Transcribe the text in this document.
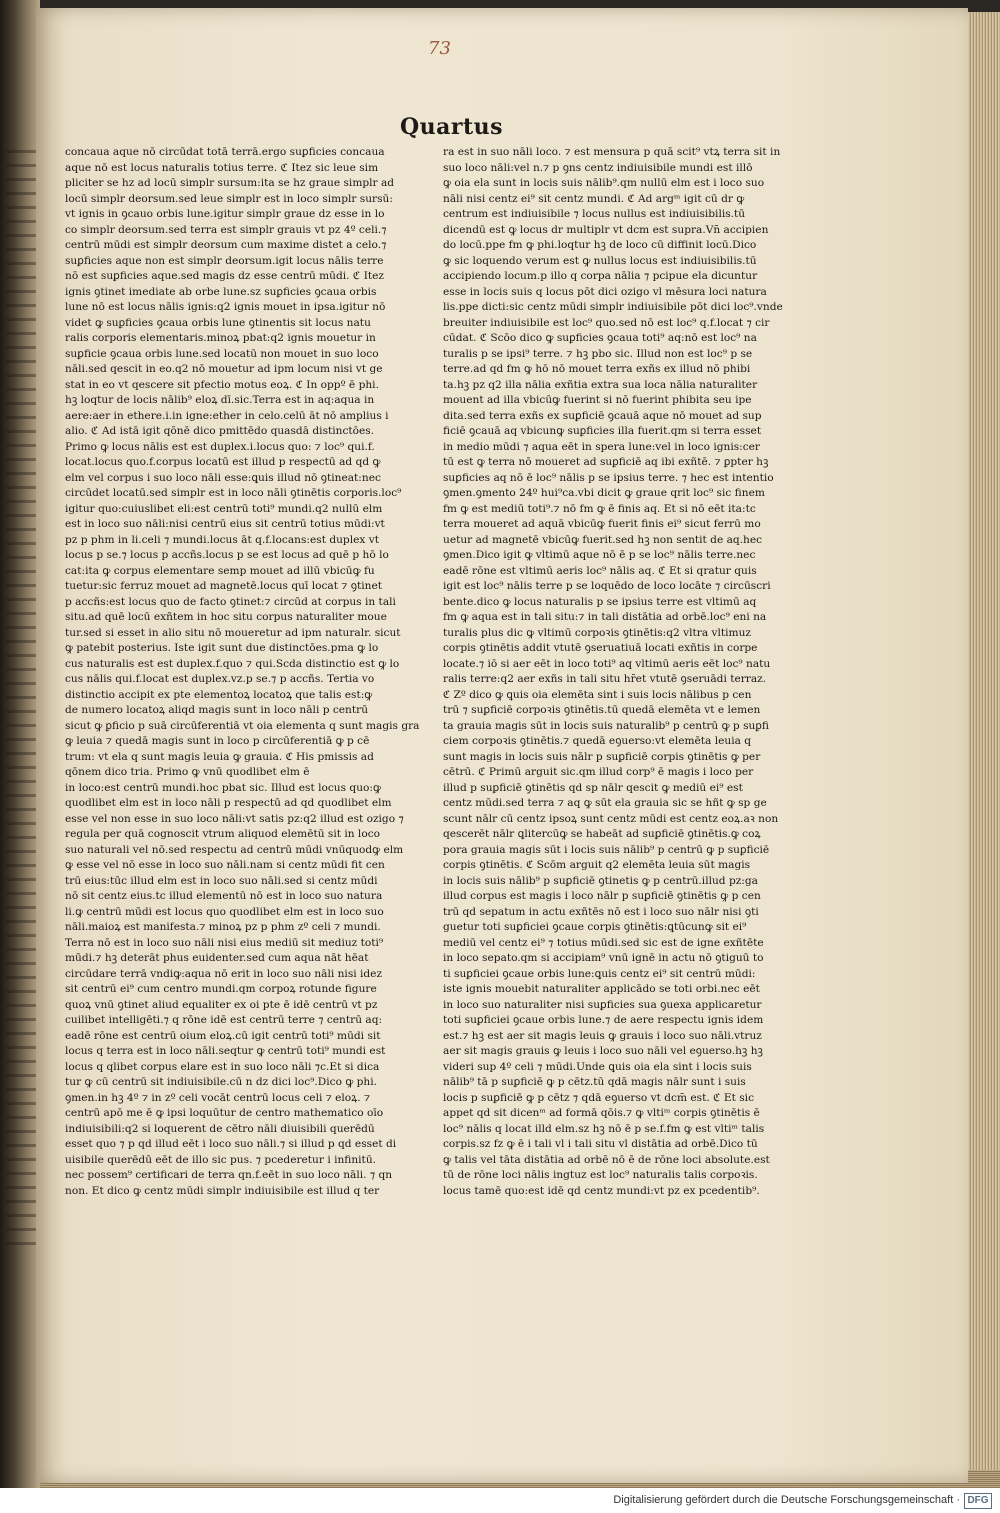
73
Quartus

concaua aque nō circūdat totā terrā.ergo suꝑficies concaua

aque nō est locus naturalis totius terre. ℭ Itez sic leue sim

pliciter se hz ad locū simplr sursum:ita se hz graue simplr ad

locū simplr deorsum.sed leue simplr est in loco simplr sursū:

vt ignis in ꝯcauo orbis lune.igitur simplr graue dz esse in lo

co simplr deorsum.sed terra est simplr grauis vt pz 4º celi.⁊

centrū mūdi est simplr deorsum cum maxime distet a celo.⁊

suꝑficies aque non est simplr deorsum.igit locus nālis terre

nō est suꝑficies aque.sed magis dz esse centrū mūdi. ℭ Itez

ignis ꝯtinet imediate ab orbe lune.sz suꝑficies ꝯcaua orbis

lune nō est locus nālis ignis:q2 ignis mouet in ipsa.igitur nō

videt ꝙ suꝑficies ꝯcaua orbis lune ꝯtinentis sit locus natu

ralis corporis elementaris.minoꝝ pbat:q2 ignis mouetur in

suꝑficie ꝯcaua orbis lune.sed locatū non mouet in suo loco

nāli.sed qescit in eo.q2 nō mouetur ad ipm locum nisi vt ge

stat in eo vt qescere sit pfectio motus eoꝝ. ℭ In oppº ē phi.

hꝫ loqtur de locis nālib⁹ eloꝝ dī.sic.Terra est in aq:aqua in

aere:aer in ethere.i.in igne:ether in celo.celū āt nō amplius i

alio. ℭ Ad istā igit qōnē dico pmittēdo quasdā distinctōes.

Primo ꝙ locus nālis est est duplex.i.locus quo: ⁊ loc⁹ qui.f.

locat.locus quo.f.corpus locatū est illud p respectū ad qd ꝙ

elm vel corpus i suo loco nāli esse:ꝗuis illud nō ꝯtineat:nec

circūdet locatū.sed simplr est in loco nāli ꝯtinētis corporis.loc⁹

igitur quo:cuiuslibet eli:est centrū toti⁹ mundi.q2 nullū elm

est in loco suo nāli:nisi centrū eius sit centrū totius mūdi:vt

pz p phm in li.celi ⁊ mundi.locus āt q.f.locans:est duplex vt

locus p se.⁊ locus p accñs.locus p se est locus ad quē p hō lo

cat:ita ꝙ corpus elementare semp mouet ad illū vbicūꝙ fu

tuetur:sic ferruz mouet ad magnetē.locus quī locat ⁊ ꝯtinet

p accñs:est locus quo de facto ꝯtinet:⁊ circūd at corpus in tali

situ.ad quē locū exñtem in hoc situ corpus naturaliter moue

tur.sed si esset in alio situ nō moueretur ad ipm naturalr. sicut

ꝙ patebit posterius. Iste igit sunt due distinctōes.pma ꝙ lo

cus naturalis est est duplex.f.quo ⁊ qui.Scda distinctio est ꝙ lo

cus nālis qui.f.locat est duplex.vz.p se.⁊ p accñs. Tertia vo

distinctio accipit ex pte elementoꝝ locatoꝝ que talis est:ꝙ

de numero locatoꝝ aliqd magis sunt in loco nāli p centrū

sicut ꝙ ꝑficio p suā circūferentiā vt oia elementa q sunt magis gra

ꝙ leuia ⁊ quedā magis sunt in loco p circūferentiā ꝙ p cē

trum: vt ela q sunt magis leuia ꝙ grauia. ℭ His pmissis ad

qōnem dico tria. Primo ꝙ vnū quodlibet elm ē

in loco:est centrū mundi.hoc pbat sic. Illud est locus quo:ꝙ

quodlibet elm est in loco nāli p respectū ad qd quodlibet elm

esse vel non esse in suo loco nāli:vt satis pz:q2 illud est ozigo ⁊

regula per quā cognoscit vtrum aliquod elemētū sit in loco

suo naturali vel nō.sed respectu ad centrū mūdi vnūquodꝙ elm

ꝙ esse vel nō esse in loco suo nāli.nam si centz mūdi fit cen

trū eius:tūc illud elm est in loco suo nāli.sed si centz mūdi

nō sit centz eius.tc illud elementū nō est in loco suo natura

li.ꝙ centrū mūdi est locus quo quodlibet elm est in loco suo

nāli.maioꝝ est manifesta.⁊ minoꝝ pz p phm zº celi ⁊ mundi.

Terra nō est in loco suo nāli nisi eius mediū sit mediuz toti⁹

mūdi.⁊ hꝫ deterāt phus euidenter.sed cum aqua nāt hēat

circūdare terrā vndiꝙ:aqua nō erit in loco suo nāli nisi idez

sit centrū ei⁹ cum centro mundi.qm corpoꝝ rotunde figure

quoꝝ vnū ꝯtinet aliud equaliter ex oi pte ē idē centrū vt pz

cuilibet intelligēti.⁊ q rōne idē est centrū terre ⁊ centrū aq:

eadē rōne est centrū oium eloꝝ.cū igit centrū toti⁹ mūdi sit

locus q terra est in loco nāli.seqtur ꝙ centrū toti⁹ mundi est

locus q qlibet corpus elare est in suo loco nāli ⁊c.Et si dica

tur ꝙ cū centrū sit indiuisibile.cū n dz dici loc⁹.Dico ꝙ phi.

ꝯmen.in hꝫ 4º ⁊ in zº celi vocāt centrū locus celi ⁊ eloꝝ. ⁊

centrū apō me ē ꝙ ipsi loquūtur de centro mathematico oīo

indiuisibili:q2 si loquerent de cētro nāli diuisibili querēdū

esset quo ⁊ p qd illud eēt i loco suo nāli.⁊ si illud p qd esset di

uisibile querēdū eēt de illo sic pus. ⁊ pcederetur i infinitū.

nec possem⁹ certificari de terra qn.f.eēt in suo loco nāli. ⁊ qn

non. Et dico ꝙ centz mūdi simplr indiuisibile est illud q ter

ra est in suo nāli loco. ⁊ est mensura p quā scit⁹ vtꝝ terra sit in

suo loco nāli:vel n.⁊ p ꝯns centz indiuisibile mundi est illō

ꝙ oia ela sunt in locis suis nālib⁹.qm nullū elm est i loco suo

nāli nisi centz ei⁹ sit centz mundi. ℭ Ad argᵐ igit cū dr ꝙ

centrum est indiuisibile ⁊ locus nullus est indiuisibilis.tū

dicendū est ꝙ locus dr multiplr vt dcm est supra.Vn̄ accipien

do locū.ppe fm ꝙ phi.loqtur hꝫ de loco cū diffinit locū.Dico

ꝙ sic loquendo verum est ꝙ nullus locus est indiuisibilis.tū

accipiendo locum.p illo q corpa nālia ⁊ pcipue ela dicuntur

esse in locis suis q locus pōt dici ozigo vl mēsura loci natura

lis.ppe dicti:sic centz mūdi simplr indiuisibile pōt dici loc⁹.vnde

breuiter indiuisibile est loc⁹ quo.sed nō est loc⁹ q.f.locat ⁊ cir

cūdat. ℭ Scōo dico ꝙ suꝑficies ꝯcaua toti⁹ aq:nō est loc⁹ na

turalis p se ipsi⁹ terre. ⁊ hꝫ pbo sic. Illud non est loc⁹ p se

terre.ad qd fm ꝙ hō nō mouet terra exñs ex illud nō phibi

ta.hꝫ pz q2 illa nālia exñtia extra sua loca nālia naturaliter

mouent ad illa vbicūꝙ fuerint si nō fuerint phibita seu ipe

dita.sed terra exñs ex suꝑficiē ꝯcauā aque nō mouet ad sup

ficiē ꝯcauā aq vbicunꝙ suꝑficies illa fuerit.qm si terra esset

in medio mūdi ⁊ aqua eēt in spera lune:vel in loco ignis:cer

tū est ꝙ terra nō moueret ad suꝑficiē aq ibi exñtē. ⁊ ꝑpter hꝫ

suꝑficies aq nō ē loc⁹ nālis p se ipsius terre. ⁊ hec est intentio

ꝯmen.ꝯmento 24º hui⁹ca.vbi dicit ꝙ graue qrit loc⁹ sic finem

fm ꝙ est mediū toti⁹.⁊ nō fm ꝙ ē finis aq. Et si nō eēt ita:tc

terra moueret ad aquā vbicūꝙ fuerit finis ei⁹ sicut ferrū mo

uetur ad magnetē vbicūꝙ fuerit.sed hꝫ non sentit de aq.hec

ꝯmen.Dico igit ꝙ vltimū aque nō ē p se loc⁹ nālis terre.nec

eadē rōne est vltimū aeris loc⁹ nālis aq. ℭ Et si qratur quis

igit est loc⁹ nālis terre p se loquēdo de loco locāte ⁊ circūscri

bente.dico ꝙ locus naturalis p se ipsius terre est vltimū aq

fm ꝙ aqua est in tali situ:⁊ in tali distātia ad orbē.loc⁹ eni na

turalis plus dic ꝙ vltimū corpoꝛis ꝯtinētis:q2 vltra vltimuz

corpis ꝯtinētis addit vtutē ꝯseruatiuā locati exñtis in corpe

locate.⁊ iō si aer eēt in loco toti⁹ aq vltimū aeris eēt loc⁹ natu

ralis terre:q2 aer exñs in tali situ hr̄et vtutē ꝯseruādi terraz.

ℭ Zº dico ꝙ ꝗuis oia elemēta sint i suis locis nālibus p cen

trū ⁊ suꝑficiē corpoꝛis ꝯtinētis.tū quedā elemēta vt e lemen

ta grauia magis sūt in locis suis naturalib⁹ p centrū ꝙ p suꝑfi

ciem corpoꝛis ꝯtinētis.⁊ quedā eꝯuerso:vt elemēta leuia q

sunt magis in locis suis nālr p suꝑficiē corpis ꝯtinētis ꝙ per

cētrū. ℭ Primū arguit sic.qm illud corp⁹ ē magis i loco per

illud p suꝑficiē ꝯtinētis qd sp nālr qescit ꝙ mediū ei⁹ est

centz mūdi.sed terra ⁊ aq ꝙ sūt ela grauia sic se hñt ꝙ sp ge

scunt nālr cū centz ipsoꝝ sunt centz mūdi est centz eoꝝ.aꝛ non

qescerēt nālr ꝗlitercūꝙ se habeāt ad suꝑficiē ꝯtinētis.ꝙ coꝝ

pora grauia magis sūt i locis suis nālib⁹ p centrū ꝙ p suꝑficiē

corpis ꝯtinētis. ℭ Scōm arguit q2 elemēta leuia sūt magis

in locis suis nālib⁹ p suꝑficiē ꝯtinetis ꝙ p centrū.illud pz:ga

illud corpus est magis i loco nālr p suꝑficiē ꝯtinētis ꝙ p cen

trū qd sepatum in actu exñtēs nō est i loco suo nālr nisi ꝯti

guetur toti suꝑficiei ꝯcaue corpis ꝯtinētis:ꝗtūcunꝙ sit ei⁹

mediū vel centz ei⁹ ⁊ totius mūdi.sed sic est de igne exñtēte

in loco sepato.qm si accipiam⁹ vnū ignē in actu nō ꝯtiguū to

ti suꝑficiei ꝯcaue orbis lune:ꝗuis centz ei⁹ sit centrū mūdi:

iste ignis mouebit naturaliter applicādo se toti orbi.nec eēt

in loco suo naturaliter nisi suꝑficies sua ꝯuexa applicaretur

toti suꝑficiei ꝯcaue orbis lune.⁊ de aere respectu ignis idem

est.⁊ hꝫ est aer sit magis leuis ꝙ grauis i loco suo nāli.vtruz

aer sit magis grauis ꝙ leuis i loco suo nāli vel eꝯuerso.hꝫ hꝫ

videri sup 4º celi ⁊ mūdi.Unde ꝗuis oia ela sint i locis suis

nālib⁹ tā p suꝑficiē ꝙ p cētz.tū qdā magis nālr sunt i suis

locis p suꝑficiē ꝙ p cētz ⁊ qdā eꝯuerso vt dcm̄ est. ℭ Et sic

appet qd sit dicenᵐ ad formā qōis.⁊ ꝙ vltiᵐ corpis ꝯtinētis ē

loc⁹ nālis q locat illd elm.sz hꝫ nō ē p se.f.fm ꝙ est vltiᵐ talis

corpis.sz fz ꝙ ē i tali vl i tali situ vl distātia ad orbē.Dico tū

ꝙ talis vel tāta distātia ad orbē nō ē de rōne loci absolute.est

tū de rōne loci nālis ingtuz est loc⁹ naturalis talis corpoꝛis.

locus tamē quo:est idē qd centz mundi:vt pz ex pcedentib⁹.

Digitalisierung gefördert durch die Deutsche Forschungsgemeinschaft · DFG
